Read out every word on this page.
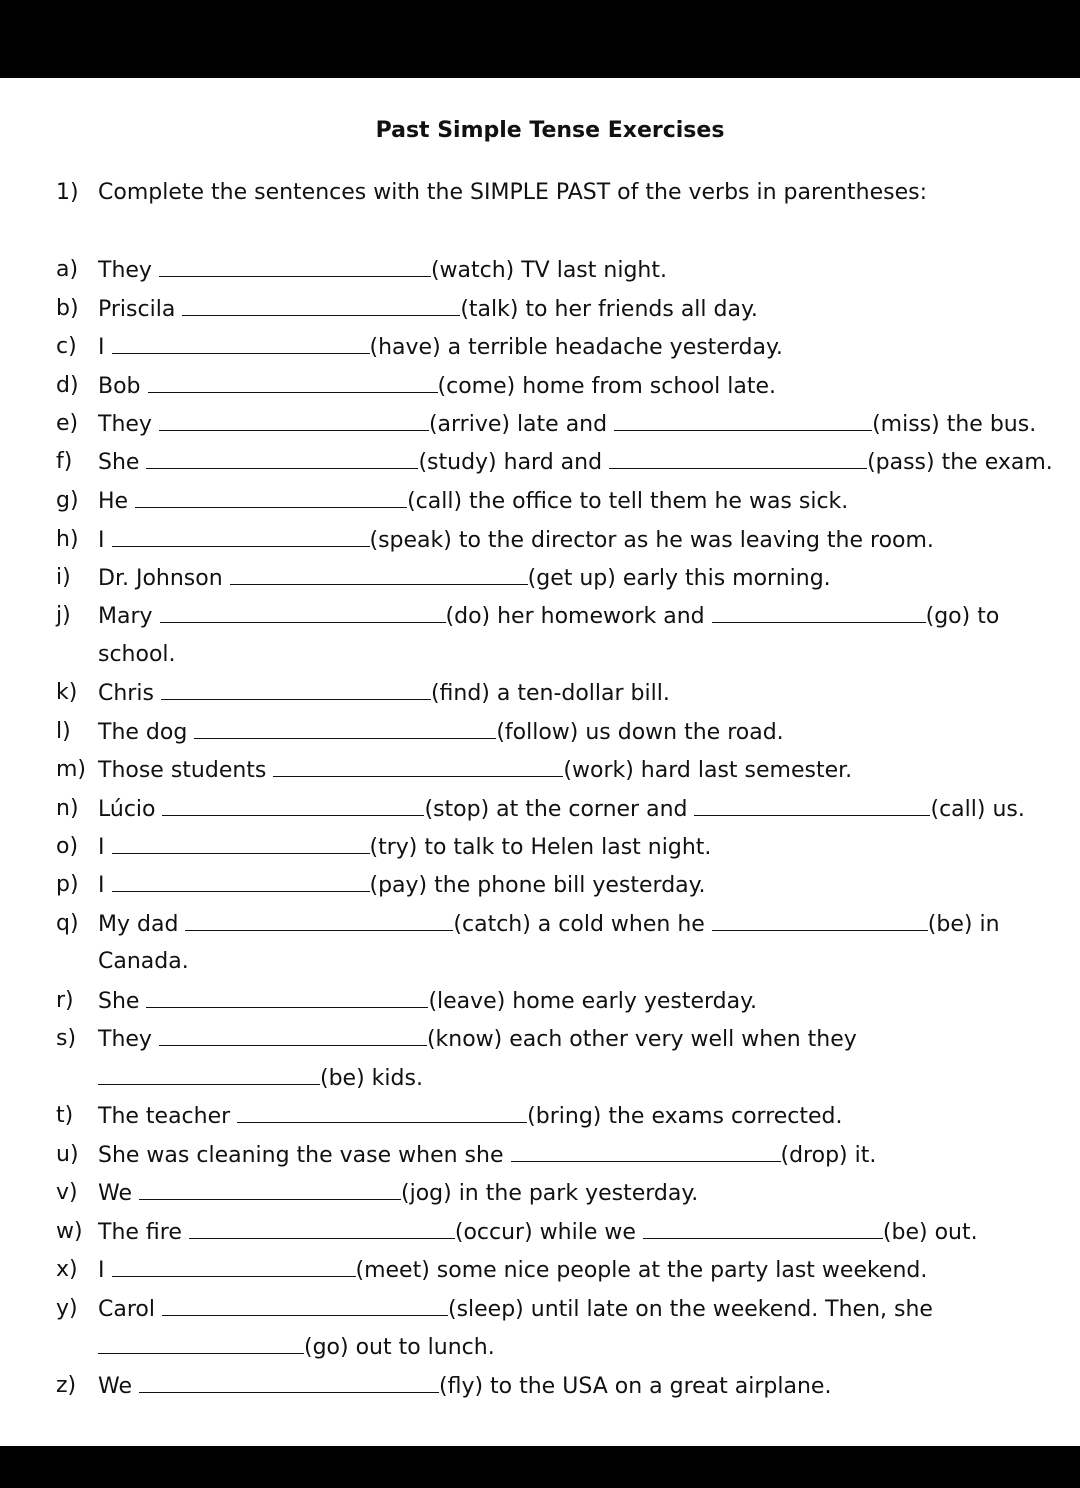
Past Simple Tense Exercises
1) Complete the sentences with the SIMPLE PAST of the verbs in parentheses:
a) They	(watch) TV last night.
b) Priscila	(talk) to her friends all day.
c) I	(have) a terrible headache yesterday.
d) Bob	(come) home from school late.
e) They	(arrive) late and	(miss) the bus.
f) She	(study) hard and	(pass) the exam.
g) He	(call) the office to tell them he was sick.
h) I	(speak) to the director as he was leaving the room.
i) Dr. Johnson	(get up) early this morning.
j) Mary	(do) her homework and	(go) to
school.
k) Chris	(find) a ten-dollar bill.
l) The dog	(follow) us down the road.
m) Those students	(work) hard last semester.
n) Lúcio	(stop) at the corner and	(call) us.
o) I	(try) to talk to Helen last night.
p) I	(pay) the phone bill yesterday.
q) My dad	(catch) a cold when he	(be) in
Canada.
r) She	(leave) home early yesterday.
s) They	(know) each other very well when they
(be) kids.
t) The teacher	(bring) the exams corrected.
u) She was cleaning the vase when she	(drop) it.
v) We	(jog) in the park yesterday.
w) The fire	(occur) while we	(be) out.
x) I	(meet) some nice people at the party last weekend.
y) Carol	(sleep) until late on the weekend. Then, she
(go) out to lunch.
z) We	(fly) to the USA on a great airplane.
